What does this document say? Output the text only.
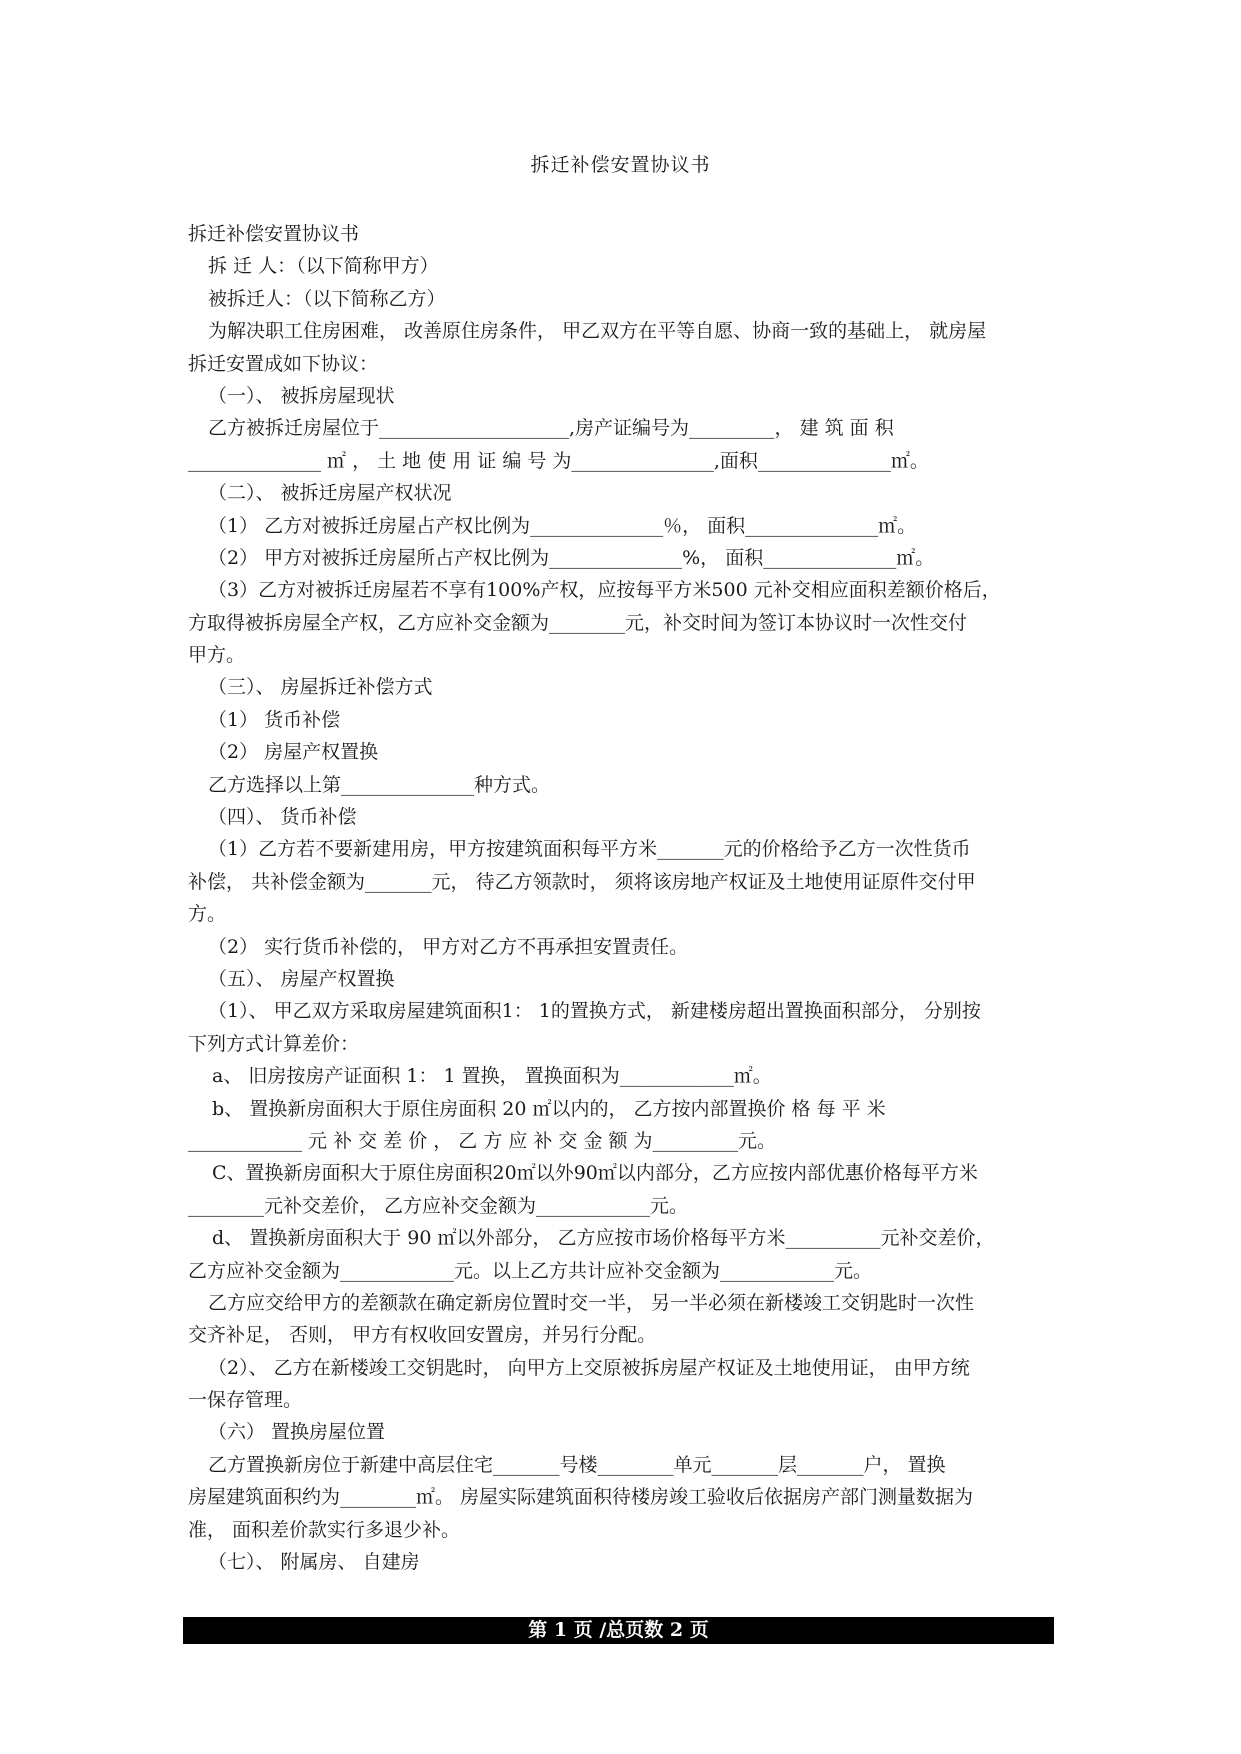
拆迁补偿安置协议书
拆迁补偿安置协议书
拆 迁 人：（以下简称甲方）
被拆迁人：（以下简称乙方）
为解决职工住房困难， 改善原住房条件， 甲乙双方在平等自愿、协商一致的基础上， 就房屋
拆迁安置成如下协议：
（一）、 被拆房屋现状
乙方被拆迁房屋位于____________________,房产证编号为_________， 建 筑 面 积
______________ ㎡ ， 土 地 使 用 证 编 号 为_______________,面积______________㎡。
（二）、 被拆迁房屋产权状况
（1） 乙方对被拆迁房屋占产权比例为______________％， 面积______________㎡。
（2） 甲方对被拆迁房屋所占产权比例为______________%， 面积______________㎡。
（3）乙方对被拆迁房屋若不享有100%产权，应按每平方米500 元补交相应面积差额价格后，
方取得被拆房屋全产权，乙方应补交金额为________元，补交时间为签订本协议时一次性交付
甲方。
（三）、 房屋拆迁补偿方式
（1） 货币补偿
（2） 房屋产权置换
乙方选择以上第______________种方式。
（四）、 货币补偿
（1）乙方若不要新建用房，甲方按建筑面积每平方米_______元的价格给予乙方一次性货币
补偿， 共补偿金额为_______元， 待乙方领款时， 须将该房地产权证及土地使用证原件交付甲
方。
（2） 实行货币补偿的， 甲方对乙方不再承担安置责任。
（五）、 房屋产权置换
（1）、 甲乙双方采取房屋建筑面积1： 1的置换方式， 新建楼房超出置换面积部分， 分别按
下列方式计算差价：
a、 旧房按房产证面积 1： 1 置换， 置换面积为____________㎡。
b、 置换新房面积大于原住房面积 20 ㎡以内的， 乙方按内部置换价 格 每 平 米
____________ 元 补 交 差 价 ， 乙 方 应 补 交 金 额 为_________元。
C、置换新房面积大于原住房面积20㎡以外90㎡以内部分，乙方应按内部优惠价格每平方米
________元补交差价， 乙方应补交金额为____________元。
d、 置换新房面积大于 90 ㎡以外部分， 乙方应按市场价格每平方米__________元补交差价，
乙方应补交金额为____________元。以上乙方共计应补交金额为____________元。
乙方应交给甲方的差额款在确定新房位置时交一半， 另一半必须在新楼竣工交钥匙时一次性
交齐补足， 否则， 甲方有权收回安置房，并另行分配。
（2）、 乙方在新楼竣工交钥匙时， 向甲方上交原被拆房屋产权证及土地使用证， 由甲方统
一保存管理。
（六） 置换房屋位置
乙方置换新房位于新建中高层住宅_______号楼________单元_______层_______户， 置换
房屋建筑面积约为________㎡。 房屋实际建筑面积待楼房竣工验收后依据房产部门测量数据为
准， 面积差价款实行多退少补。
（七）、 附属房、 自建房
第 1 页 /总页数 2 页
